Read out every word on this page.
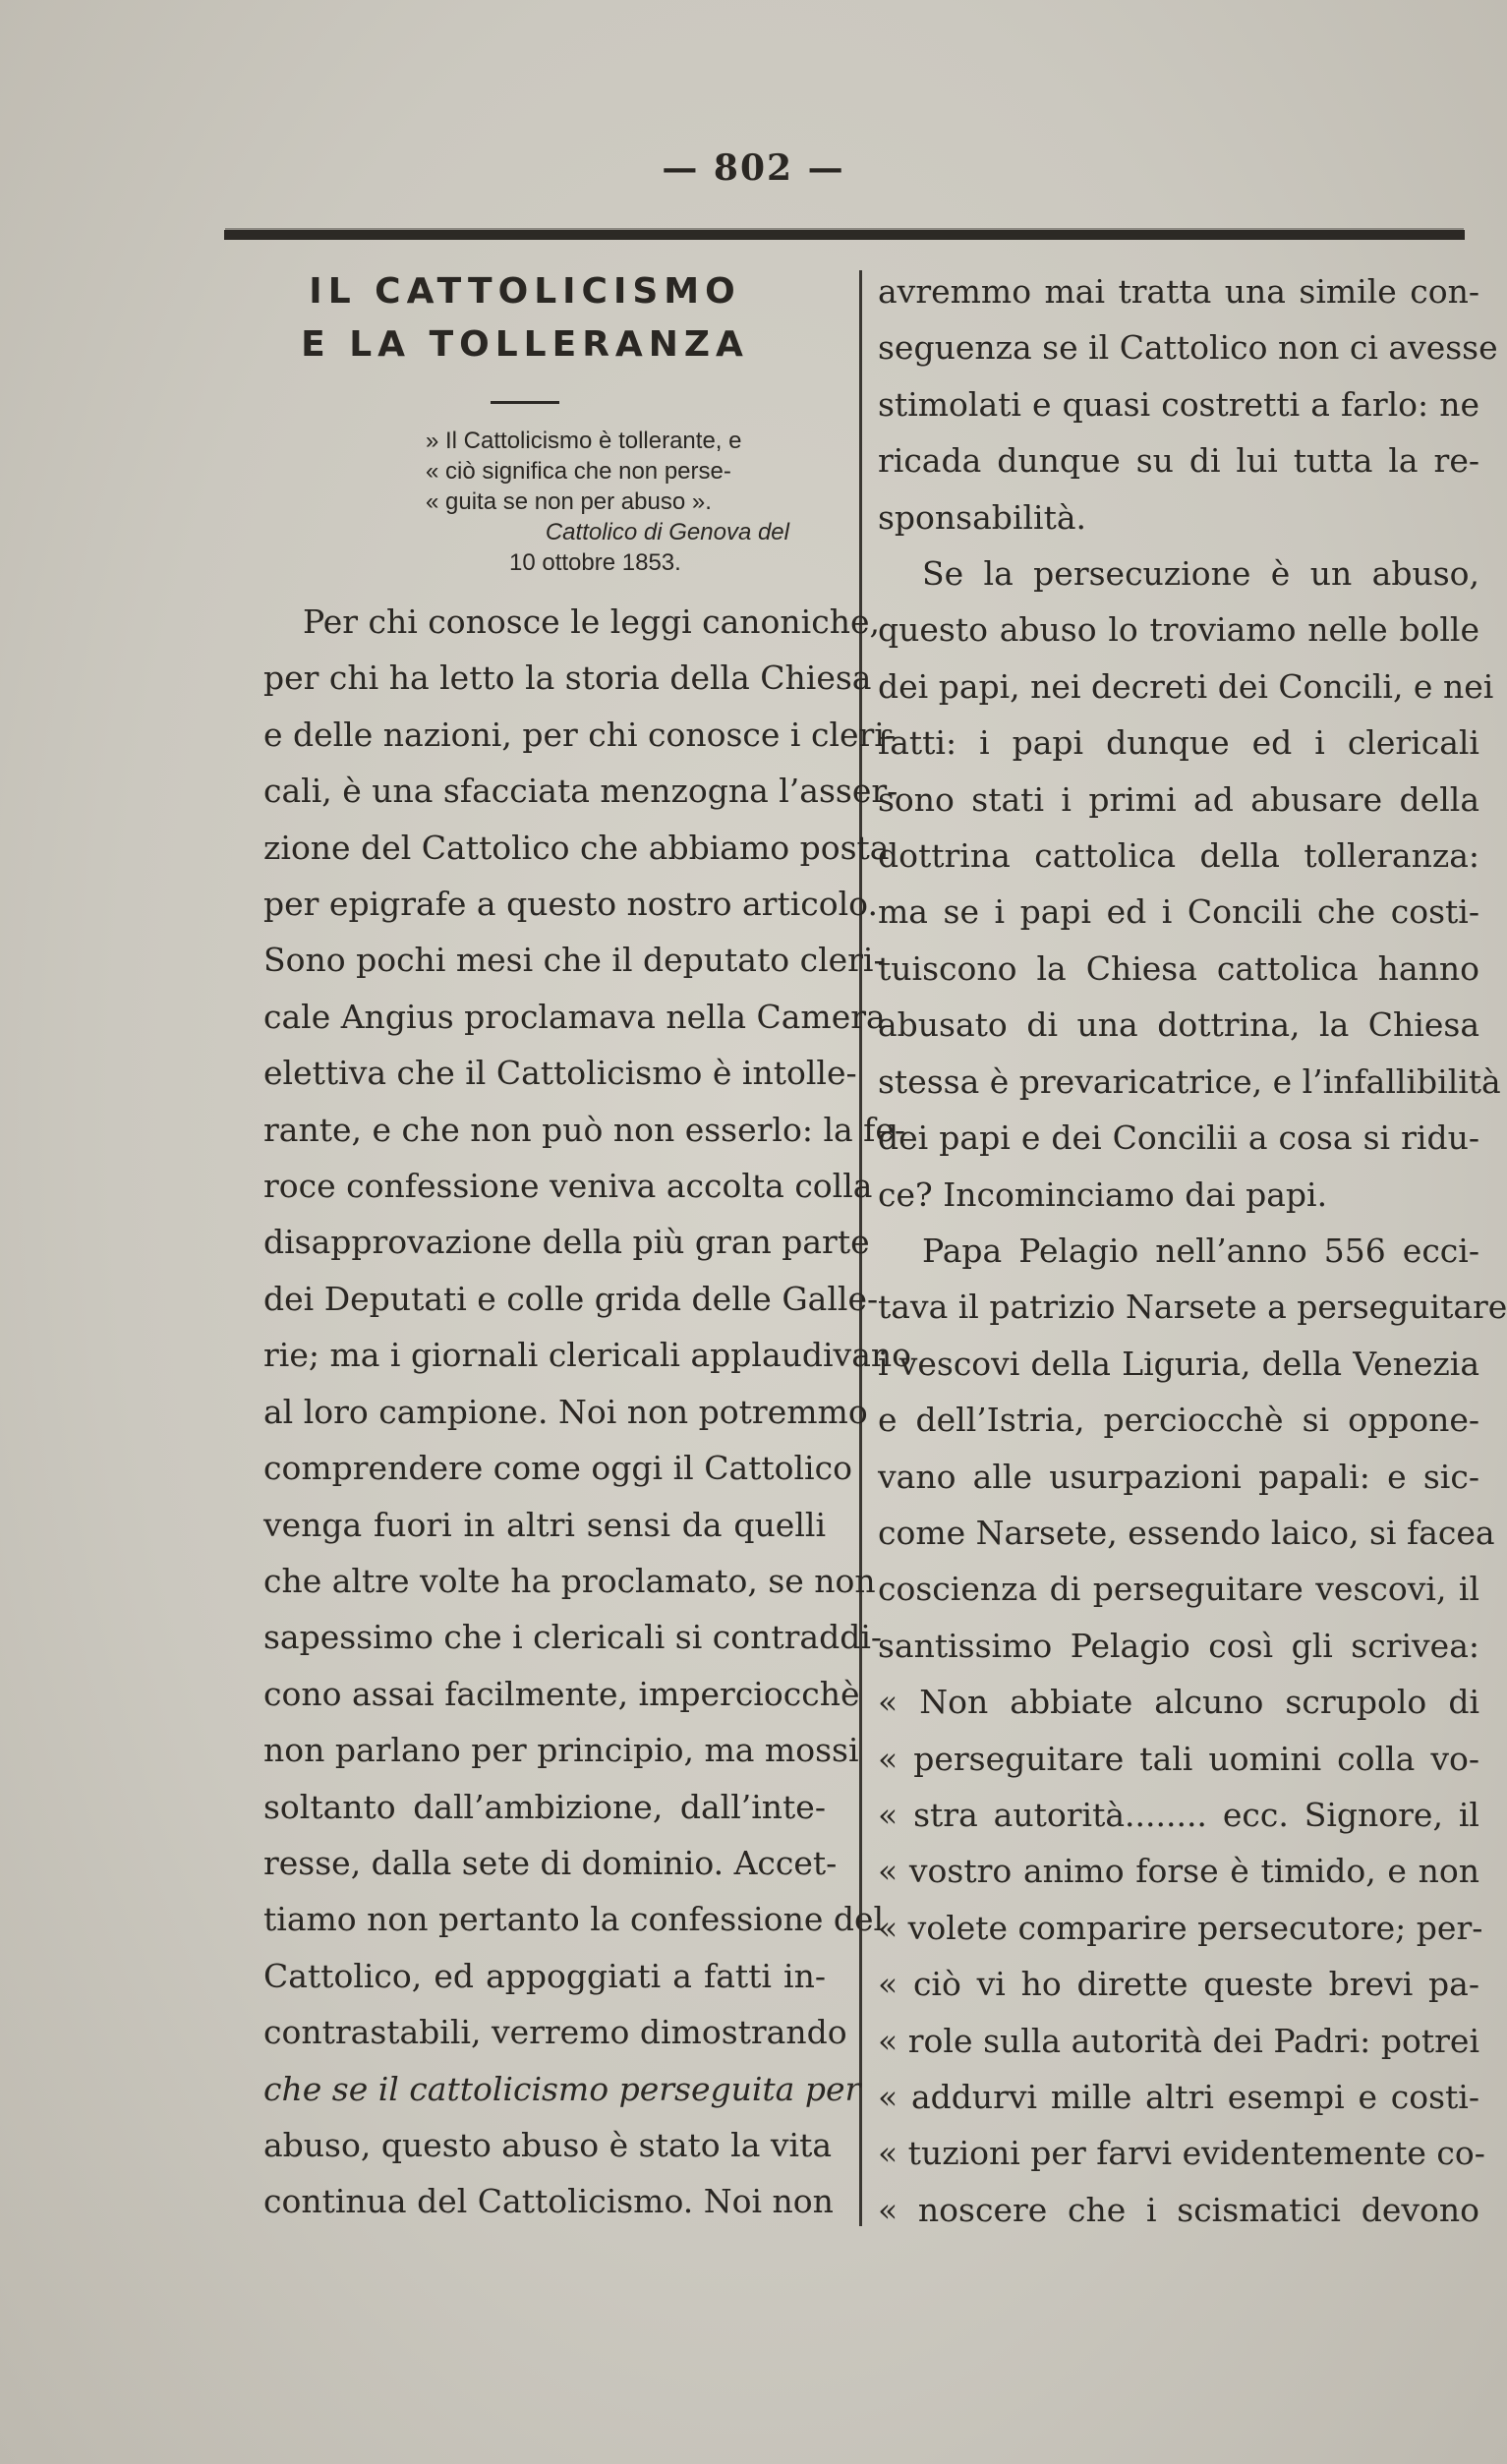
— 802 —
IL CATTOLICISMO
E LA TOLLERANZA
» Il Cattolicismo è tollerante, e
« ciò significa che non perse-
« guita se non per abuso ».
Cattolico di Genova del
10 ottobre 1853.
Per chi conosce le leggi canoniche,
per chi ha letto la storia della Chiesa
e delle nazioni, per chi conosce i cleri-
cali, è una sfacciata menzogna l’asser-
zione del Cattolico che abbiamo posta
per epigrafe a questo nostro articolo.
Sono pochi mesi che il deputato cleri-
cale Angius proclamava nella Camera
elettiva che il Cattolicismo è intolle-
rante, e che non può non esserlo: la fe-
roce confessione veniva accolta colla
disapprovazione della più gran parte
dei Deputati e colle grida delle Galle-
rie; ma i giornali clericali applaudivano
al loro campione. Noi non potremmo
comprendere come oggi il Cattolico
venga fuori in altri sensi da quelli
che altre volte ha proclamato, se non
sapessimo che i clericali si contraddi-
cono assai facilmente, imperciocchè
non parlano per principio, ma mossi
soltanto dall’ambizione, dall’inte-
resse, dalla sete di dominio. Accet-
tiamo non pertanto la confessione del
Cattolico, ed appoggiati a fatti in-
contrastabili, verremo dimostrando
che se il cattolicismo perseguita per
abuso, questo abuso è stato la vita
continua del Cattolicismo. Noi non
avremmo mai tratta una simile con-
seguenza se il Cattolico non ci avesse
stimolati e quasi costretti a farlo: ne
ricada dunque su di lui tutta la re-
sponsabilità.
Se la persecuzione è un abuso,
questo abuso lo troviamo nelle bolle
dei papi, nei decreti dei Concili, e nei
fatti: i papi dunque ed i clericali
sono stati i primi ad abusare della
dottrina cattolica della tolleranza:
ma se i papi ed i Concili che costi-
tuiscono la Chiesa cattolica hanno
abusato di una dottrina, la Chiesa
stessa è prevaricatrice, e l’infallibilità
dei papi e dei Concilii a cosa si ridu-
ce? Incominciamo dai papi.
Papa Pelagio nell’anno 556 ecci-
tava il patrizio Narsete a perseguitare
i vescovi della Liguria, della Venezia
e dell’Istria, perciocchè si oppone-
vano alle usurpazioni papali: e sic-
come Narsete, essendo laico, si facea
coscienza di perseguitare vescovi, il
santissimo Pelagio così gli scrivea:
« Non abbiate alcuno scrupolo di
« perseguitare tali uomini colla vo-
« stra autorità........ ecc. Signore, il
« vostro animo forse è timido, e non
« volete comparire persecutore; per-
« ciò vi ho dirette queste brevi pa-
« role sulla autorità dei Padri: potrei
« addurvi mille altri esempi e costi-
« tuzioni per farvi evidentemente co-
« noscere che i scismatici devono
